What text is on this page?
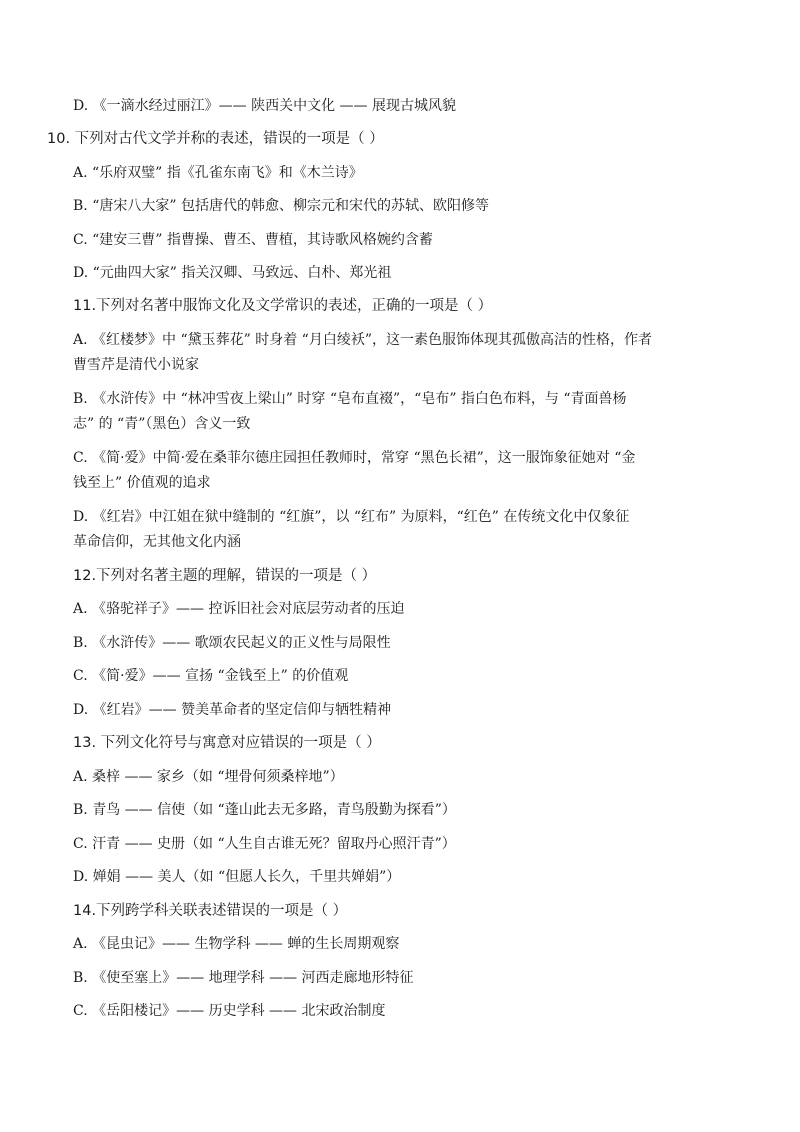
D. 《一滴水经过丽江》—— 陕西关中文化 —— 展现古城风貌
10. 下列对古代文学并称的表述，错误的一项是（ ）
A. “乐府双璧” 指《孔雀东南飞》和《木兰诗》
B. “唐宋八大家” 包括唐代的韩愈、柳宗元和宋代的苏轼、欧阳修等
C. “建安三曹” 指曹操、曹丕、曹植，其诗歌风格婉约含蓄
D. “元曲四大家” 指关汉卿、马致远、白朴、郑光祖
11.下列对名著中服饰文化及文学常识的表述，正确的一项是（ ）
A. 《红楼梦》中 “黛玉葬花” 时身着 “月白绫袄”，这一素色服饰体现其孤傲高洁的性格，作者
曹雪芹是清代小说家
B. 《水浒传》中 “林冲雪夜上梁山” 时穿 “皂布直裰”，“皂布” 指白色布料，与 “青面兽杨
志” 的 “青”（黑色）含义一致
C. 《简·爱》中简·爱在桑菲尔德庄园担任教师时，常穿 “黑色长裙”，这一服饰象征她对 “金
钱至上” 价值观的追求
D. 《红岩》中江姐在狱中缝制的 “红旗”，以 “红布” 为原料，“红色” 在传统文化中仅象征
革命信仰，无其他文化内涵
12.下列对名著主题的理解，错误的一项是（ ）
A. 《骆驼祥子》—— 控诉旧社会对底层劳动者的压迫
B. 《水浒传》—— 歌颂农民起义的正义性与局限性
C. 《简·爱》—— 宣扬 “金钱至上” 的价值观
D. 《红岩》—— 赞美革命者的坚定信仰与牺牲精神
13. 下列文化符号与寓意对应错误的一项是（ ）
A. 桑梓 —— 家乡（如 “埋骨何须桑梓地”）
B. 青鸟 —— 信使（如 “蓬山此去无多路，青鸟殷勤为探看”）
C. 汗青 —— 史册（如 “人生自古谁无死？留取丹心照汗青”）
D. 婵娟 —— 美人（如 “但愿人长久，千里共婵娟”）
14.下列跨学科关联表述错误的一项是（ ）
A. 《昆虫记》—— 生物学科 —— 蝉的生长周期观察
B. 《使至塞上》—— 地理学科 —— 河西走廊地形特征
C. 《岳阳楼记》—— 历史学科 —— 北宋政治制度
